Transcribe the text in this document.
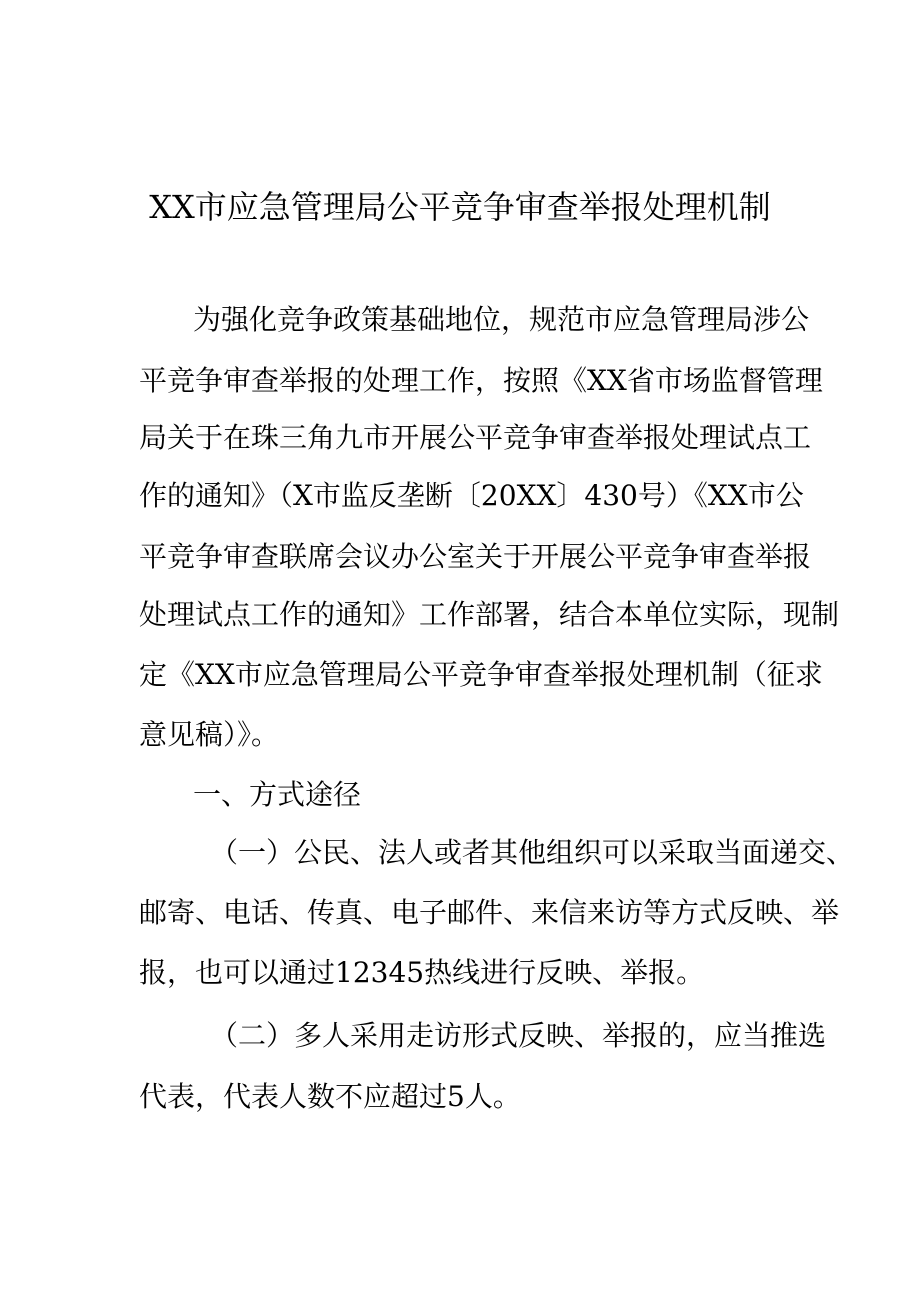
XX市应急管理局公平竞争审查举报处理机制
为强化竞争政策基础地位，规范市应急管理局涉公
平竞争审查举报的处理工作，按照《XX省市场监督管理
局关于在珠三角九市开展公平竞争审查举报处理试点工
作的通知》（X市监反垄断〔20XX〕430号）《XX市公
平竞争审查联席会议办公室关于开展公平竞争审查举报
处理试点工作的通知》工作部署，结合本单位实际，现制
定《XX市应急管理局公平竞争审查举报处理机制（征求
意见稿）》。
一、方式途径
（一）公民、法人或者其他组织可以采取当面递交、
邮寄、电话、传真、电子邮件、来信来访等方式反映、举
报，也可以通过12345热线进行反映、举报。
（二）多人采用走访形式反映、举报的，应当推选
代表，代表人数不应超过5人。
